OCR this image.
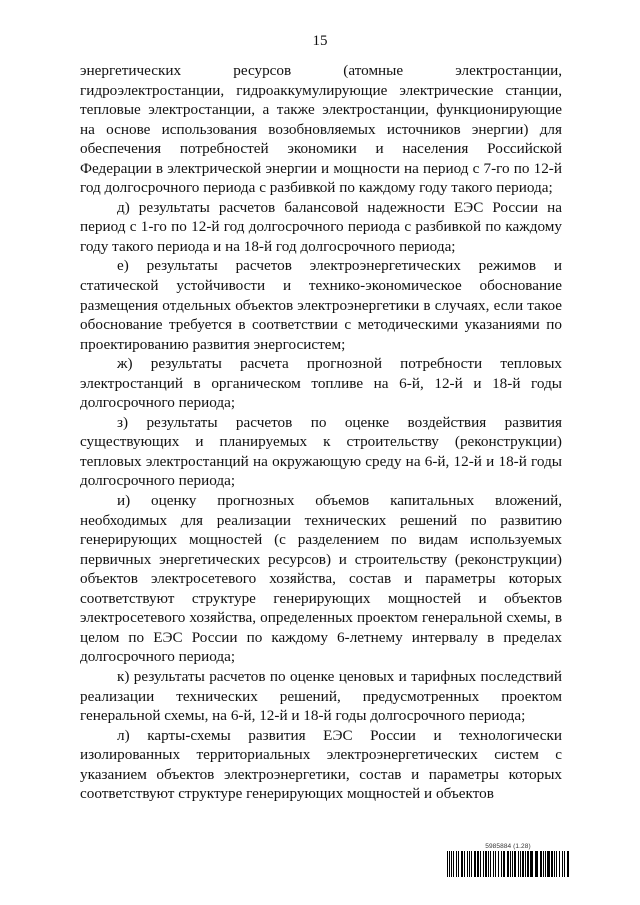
15

энергетических ресурсов (атомные электростанции, гидроэлектростанции, гидроаккумулирующие электрические станции, тепловые электростанции, а также электростанции, функционирующие на основе использования возобновляемых источников энергии) для обеспечения потребностей экономики и населения Российской Федерации в электрической энергии и мощности на период с 7-го по 12-й год долгосрочного периода с разбивкой по каждому году такого периода;

д) результаты расчетов балансовой надежности ЕЭС России на период с 1-го по 12-й год долгосрочного периода с разбивкой по каждому году такого периода и на 18-й год долгосрочного периода;

е) результаты расчетов электроэнергетических режимов и статической устойчивости и технико-экономическое обоснование размещения отдельных объектов электроэнергетики в случаях, если такое обоснование требуется в соответствии с методическими указаниями по проектированию развития энергосистем;

ж) результаты расчета прогнозной потребности тепловых электростанций в органическом топливе на 6-й, 12-й и 18-й годы долгосрочного периода;

з) результаты расчетов по оценке воздействия развития существующих и планируемых к строительству (реконструкции) тепловых электростанций на окружающую среду на 6-й, 12-й и 18-й годы долгосрочного периода;

и) оценку прогнозных объемов капитальных вложений, необходимых для реализации технических решений по развитию генерирующих мощностей (с разделением по видам используемых первичных энергетических ресурсов) и строительству (реконструкции) объектов электросетевого хозяйства, состав и параметры которых соответствуют структуре генерирующих мощностей и объектов электросетевого хозяйства, определенных проектом генеральной схемы, в целом по ЕЭС России по каждому 6-летнему интервалу в пределах долгосрочного периода;

к) результаты расчетов по оценке ценовых и тарифных последствий реализации технических решений, предусмотренных проектом генеральной схемы, на 6-й, 12-й и 18-й годы долгосрочного периода;

л) карты-схемы развития ЕЭС России и технологически изолированных территориальных электроэнергетических систем с указанием объектов электроэнергетики, состав и параметры которых соответствуют структуре генерирующих мощностей и объектов

5985884 (1.28)
